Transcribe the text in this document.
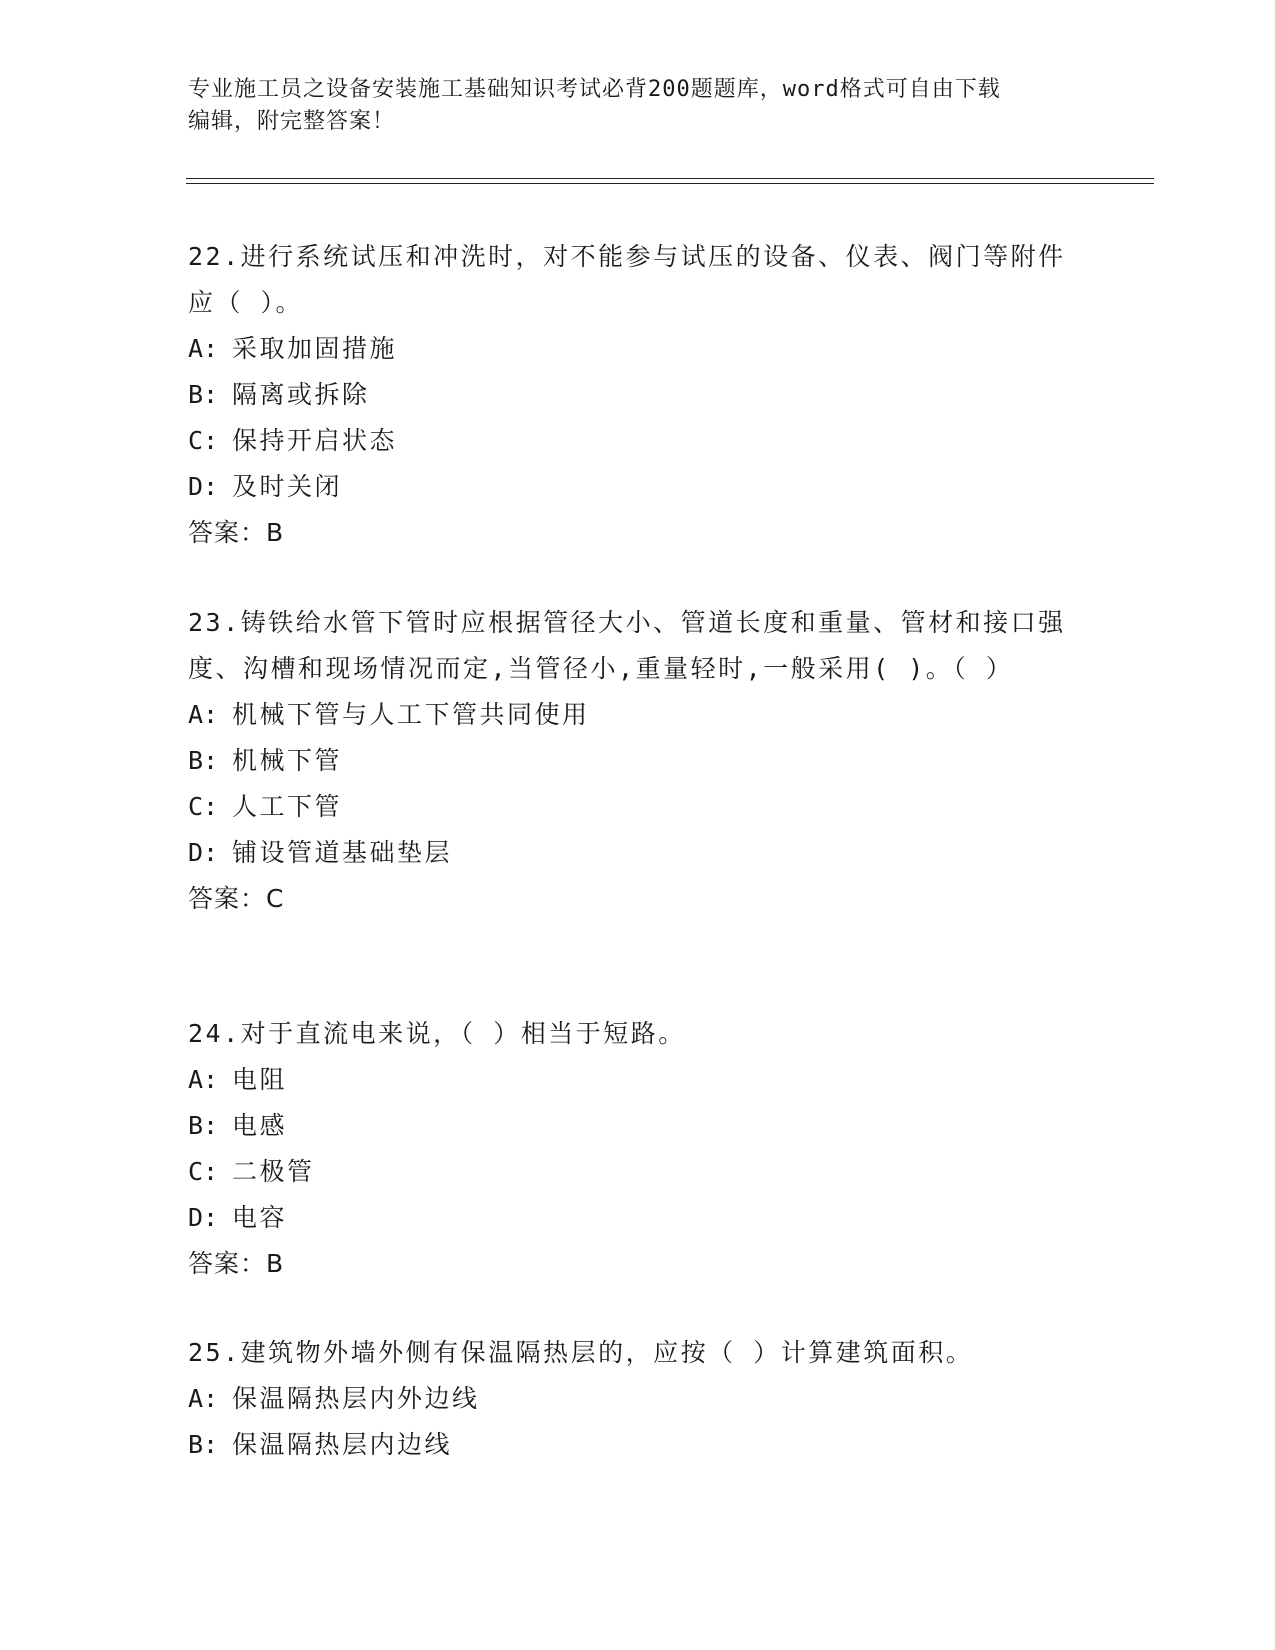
专业施工员之设备安装施工基础知识考试必背200题题库，word格式可自由下载
编辑，附完整答案！

22.进行系统试压和冲洗时，对不能参与试压的设备、仪表、阀门等附件应（ ）。

A: 采取加固措施

B: 隔离或拆除

C: 保持开启状态

D: 及时关闭

答案：B

23.铸铁给水管下管时应根据管径大小、管道长度和重量、管材和接口强度、沟槽和现场情况而定,当管径小,重量轻时,一般采用( )。（ ）

A: 机械下管与人工下管共同使用

B: 机械下管

C: 人工下管

D: 铺设管道基础垫层

答案：C

24.对于直流电来说，（ ）相当于短路。

A: 电阻

B: 电感

C: 二极管

D: 电容

答案：B

25.建筑物外墙外侧有保温隔热层的，应按（ ）计算建筑面积。

A: 保温隔热层内外边线

B: 保温隔热层内边线
